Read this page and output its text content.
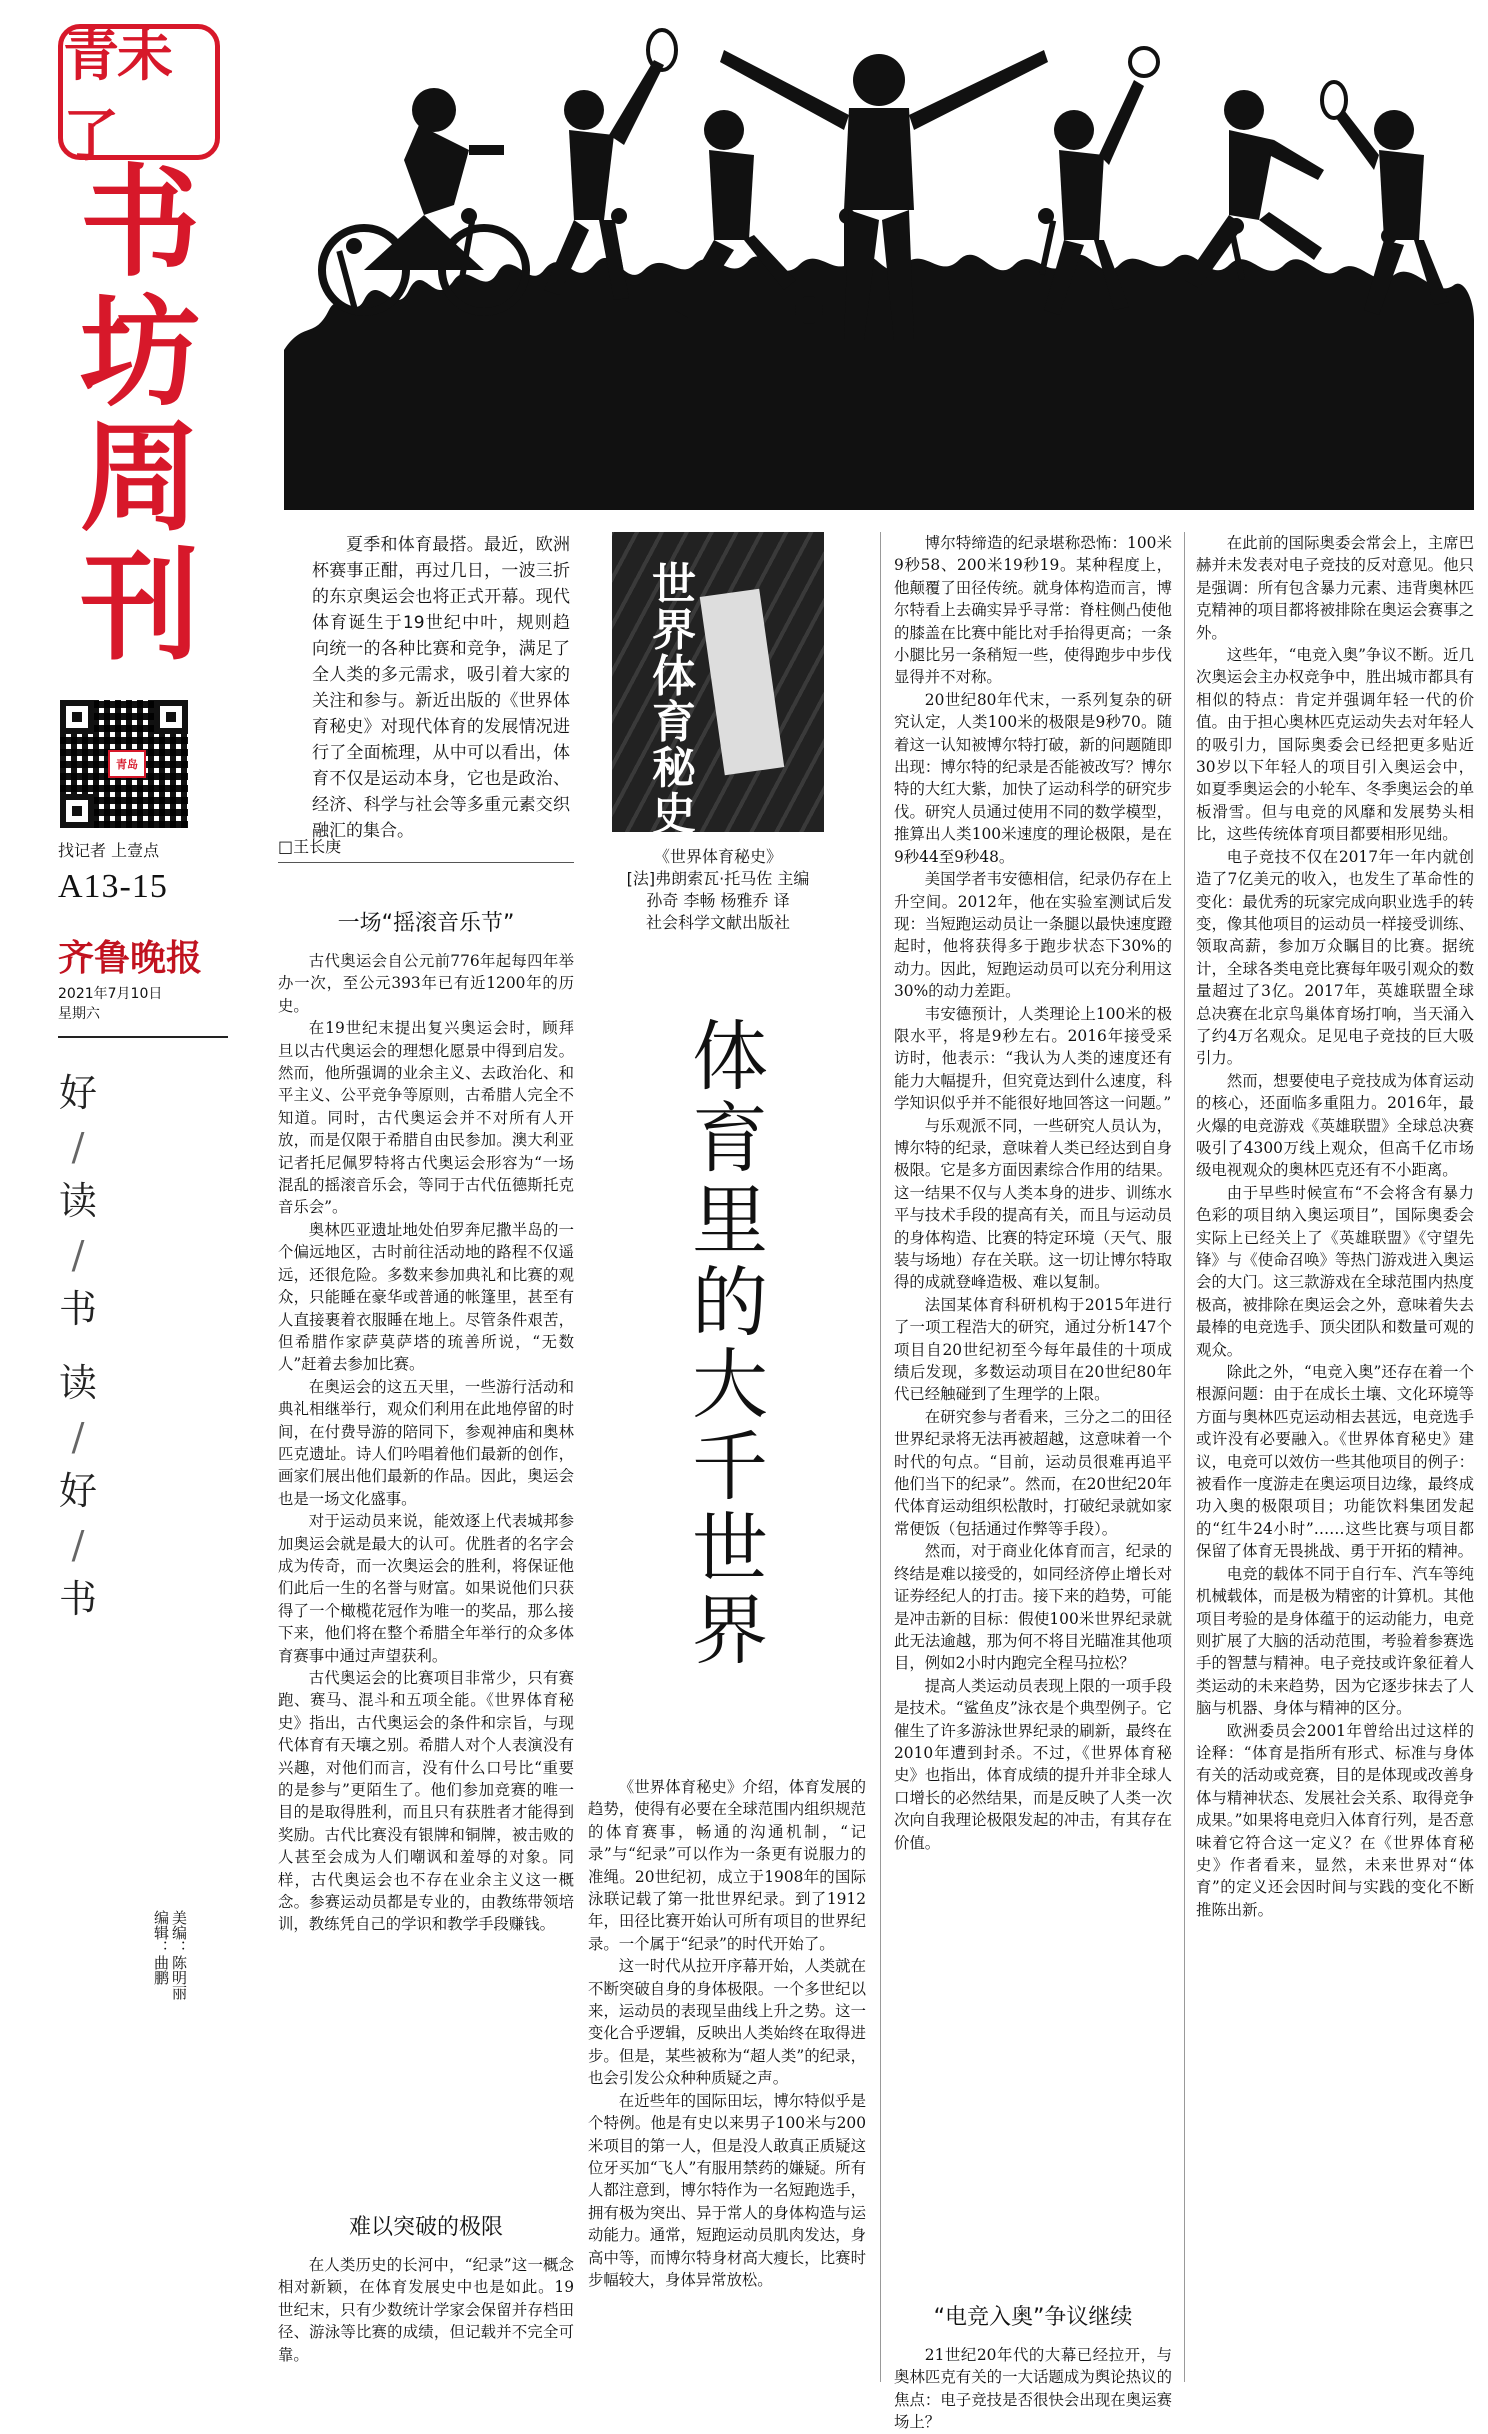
青未了
书
坊
周
青岛
找记者 上壹点
A13-15
齐鲁晚报
2021年7月10日
星期六
好
/
读
/
书
读
/
好
/
书
美编：陈明丽
编辑：曲鹏
夏季和体育最搭。最近，欧洲杯赛事正酣，再过几日，一波三折的东京奥运会也将正式开幕。现代体育诞生于19世纪中叶，规则趋向统一的各种比赛和竞争，满足了全人类的多元需求，吸引着大家的关注和参与。新近出版的《世界体育秘史》对现代体育的发展情况进行了全面梳理，从中可以看出，体育不仅是运动本身，它也是政治、经济、科学与社会等多重元素交织融汇的集合。
□王长庚
一场“摇滚音乐节”

古代奥运会自公元前776年起每四年举办一次，至公元393年已有近1200年的历史。

在19世纪末提出复兴奥运会时，顾拜旦以古代奥运会的理想化愿景中得到启发。然而，他所强调的业余主义、去政治化、和平主义、公平竞争等原则，古希腊人完全不知道。同时，古代奥运会并不对所有人开放，而是仅限于希腊自由民参加。澳大利亚记者托尼佩罗特将古代奥运会形容为“一场混乱的摇滚音乐会，等同于古代伍德斯托克音乐会”。

奥林匹亚遗址地处伯罗奔尼撒半岛的一个偏远地区，古时前往活动地的路程不仅遥远，还很危险。多数来参加典礼和比赛的观众，只能睡在豪华或普通的帐篷里，甚至有人直接裹着衣服睡在地上。尽管条件艰苦，但希腊作家萨莫萨塔的琉善所说，“无数人”赶着去参加比赛。

在奥运会的这五天里，一些游行活动和典礼相继举行，观众们利用在此地停留的时间，在付费导游的陪同下，参观神庙和奥林匹克遗址。诗人们吟唱着他们最新的创作，画家们展出他们最新的作品。因此，奥运会也是一场文化盛事。

对于运动员来说，能效逐上代表城邦参加奥运会就是最大的认可。优胜者的名字会成为传奇，而一次奥运会的胜利，将保证他们此后一生的名誉与财富。如果说他们只获得了一个橄榄花冠作为唯一的奖品，那么接下来，他们将在整个希腊全年举行的众多体育赛事中通过声望获利。

古代奥运会的比赛项目非常少，只有赛跑、赛马、混斗和五项全能。《世界体育秘史》指出，古代奥运会的条件和宗旨，与现代体育有天壤之别。希腊人对个人表演没有兴趣，对他们而言，没有什么口号比“重要的是参与”更陌生了。他们参加竞赛的唯一目的是取得胜利，而且只有获胜者才能得到奖励。古代比赛没有银牌和铜牌，被击败的人甚至会成为人们嘲讽和羞辱的对象。同样，古代奥运会也不存在业余主义这一概念。参赛运动员都是专业的，由教练带领培训，教练凭自己的学识和教学手段赚钱。

难以突破的极限

在人类历史的长河中，“纪录”这一概念相对新颖，在体育发展史中也是如此。19世纪末，只有少数统计学家会保留并存档田径、游泳等比赛的成绩，但记载并不完全可靠。

世界体育秘史
《世界体育秘史》
[法]弗朗索瓦·托马佐 主编
孙奇 李畅 杨雅乔 译
社会科学文献出版社
体育里的大千世界

《世界体育秘史》介绍，体育发展的趋势，使得有必要在全球范围内组织规范的体育赛事，畅通的沟通机制，“记录”与“纪录”可以作为一条更有说服力的准绳。20世纪初，成立于1908年的国际泳联记载了第一批世界纪录。到了1912年，田径比赛开始认可所有项目的世界纪录。一个属于“纪录”的时代开始了。

这一时代从拉开序幕开始，人类就在不断突破自身的身体极限。一个多世纪以来，运动员的表现呈曲线上升之势。这一变化合乎逻辑，反映出人类始终在取得进步。但是，某些被称为“超人类”的纪录，也会引发公众种种质疑之声。

在近些年的国际田坛，博尔特似乎是个特例。他是有史以来男子100米与200米项目的第一人，但是没人敢真正质疑这位牙买加“飞人”有服用禁药的嫌疑。所有人都注意到，博尔特作为一名短跑选手，拥有极为突出、异于常人的身体构造与运动能力。通常，短跑运动员肌肉发达，身高中等，而博尔特身材高大瘦长，比赛时步幅较大，身体异常放松。

博尔特缔造的纪录堪称恐怖：100米9秒58、200米19秒19。某种程度上，他颠覆了田径传统。就身体构造而言，博尔特看上去确实异乎寻常：脊柱侧凸使他的膝盖在比赛中能比对手抬得更高；一条小腿比另一条稍短一些，使得跑步中步伐显得并不对称。

20世纪80年代末，一系列复杂的研究认定，人类100米的极限是9秒70。随着这一认知被博尔特打破，新的问题随即出现：博尔特的纪录是否能被改写？博尔特的大红大紫，加快了运动科学的研究步伐。研究人员通过使用不同的数学模型，推算出人类100米速度的理论极限，是在9秒44至9秒48。

美国学者韦安德相信，纪录仍存在上升空间。2012年，他在实验室测试后发现：当短跑运动员让一条腿以最快速度蹬起时，他将获得多于跑步状态下30%的动力。因此，短跑运动员可以充分利用这30%的动力差距。

韦安德预计，人类理论上100米的极限水平，将是9秒左右。2016年接受采访时，他表示：“我认为人类的速度还有能力大幅提升，但究竟达到什么速度，科学知识似乎并不能很好地回答这一问题。”

与乐观派不同，一些研究人员认为，博尔特的纪录，意味着人类已经达到自身极限。它是多方面因素综合作用的结果。这一结果不仅与人类本身的进步、训练水平与技术手段的提高有关，而且与运动员的身体构造、比赛的特定环境（天气、服装与场地）存在关联。这一切让博尔特取得的成就登峰造极、难以复制。

法国某体育科研机构于2015年进行了一项工程浩大的研究，通过分析147个项目自20世纪初至今每年最佳的十项成绩后发现，多数运动项目在20世纪80年代已经触碰到了生理学的上限。

在研究参与者看来，三分之二的田径世界纪录将无法再被超越，这意味着一个时代的句点。“目前，运动员很难再追平他们当下的纪录”。然而，在20世纪20年代体育运动组织松散时，打破纪录就如家常便饭（包括通过作弊等手段）。

然而，对于商业化体育而言，纪录的终结是难以接受的，如同经济停止增长对证券经纪人的打击。接下来的趋势，可能是冲击新的目标：假使100米世界纪录就此无法逾越，那为何不将目光瞄准其他项目，例如2小时内跑完全程马拉松？

提高人类运动员表现上限的一项手段是技术。“鲨鱼皮”泳衣是个典型例子。它催生了许多游泳世界纪录的刷新，最终在2010年遭到封杀。不过，《世界体育秘史》也指出，体育成绩的提升并非全球人口增长的必然结果，而是反映了人类一次次向自我理论极限发起的冲击，有其存在价值。

“电竞入奥”争议继续

21世纪20年代的大幕已经拉开，与奥林匹克有关的一大话题成为舆论热议的焦点：电子竞技是否很快会出现在奥运赛场上？

在此前的国际奥委会常会上，主席巴赫并未发表对电子竞技的反对意见。他只是强调：所有包含暴力元素、违背奥林匹克精神的项目都将被排除在奥运会赛事之外。

这些年，“电竞入奥”争议不断。近几次奥运会主办权竞争中，胜出城市都具有相似的特点：肯定并强调年轻一代的价值。由于担心奥林匹克运动失去对年轻人的吸引力，国际奥委会已经把更多贴近30岁以下年轻人的项目引入奥运会中，如夏季奥运会的小轮车、冬季奥运会的单板滑雪。但与电竞的风靡和发展势头相比，这些传统体育项目都要相形见绌。

电子竞技不仅在2017年一年内就创造了7亿美元的收入，也发生了革命性的变化：最优秀的玩家完成向职业选手的转变，像其他项目的运动员一样接受训练、领取高薪，参加万众瞩目的比赛。据统计，全球各类电竞比赛每年吸引观众的数量超过了3亿。2017年，英雄联盟全球总决赛在北京鸟巢体育场打响，当天涌入了约4万名观众。足见电子竞技的巨大吸引力。

然而，想要使电子竞技成为体育运动的核心，还面临多重阻力。2016年，最火爆的电竞游戏《英雄联盟》全球总决赛吸引了4300万线上观众，但高千亿市场级电视观众的奥林匹克还有不小距离。

由于早些时候宣布“不会将含有暴力色彩的项目纳入奥运项目”，国际奥委会实际上已经关上了《英雄联盟》《守望先锋》与《使命召唤》等热门游戏进入奥运会的大门。这三款游戏在全球范围内热度极高，被排除在奥运会之外，意味着失去最棒的电竞选手、顶尖团队和数量可观的观众。

除此之外，“电竞入奥”还存在着一个根源问题：由于在成长土壤、文化环境等方面与奥林匹克运动相去甚远，电竞选手或许没有必要融入。《世界体育秘史》建议，电竞可以效仿一些其他项目的例子：被看作一度游走在奥运项目边缘，最终成功入奥的极限项目；功能饮料集团发起的“红牛24小时”……这些比赛与项目都保留了体育无畏挑战、勇于开拓的精神。

电竞的载体不同于自行车、汽车等纯机械载体，而是极为精密的计算机。其他项目考验的是身体蕴于的运动能力，电竞则扩展了大脑的活动范围，考验着参赛选手的智慧与精神。电子竞技或许象征着人类运动的未来趋势，因为它逐步抹去了人脑与机器、身体与精神的区分。

欧洲委员会2001年曾给出过这样的诠释：“体育是指所有形式、标准与身体有关的活动或竞赛，目的是体现或改善身体与精神状态、发展社会关系、取得竞争成果。”如果将电竞归入体育行列，是否意味着它符合这一定义？在《世界体育秘史》作者看来，显然，未来世界对“体育”的定义还会因时间与实践的变化不断推陈出新。

刊
